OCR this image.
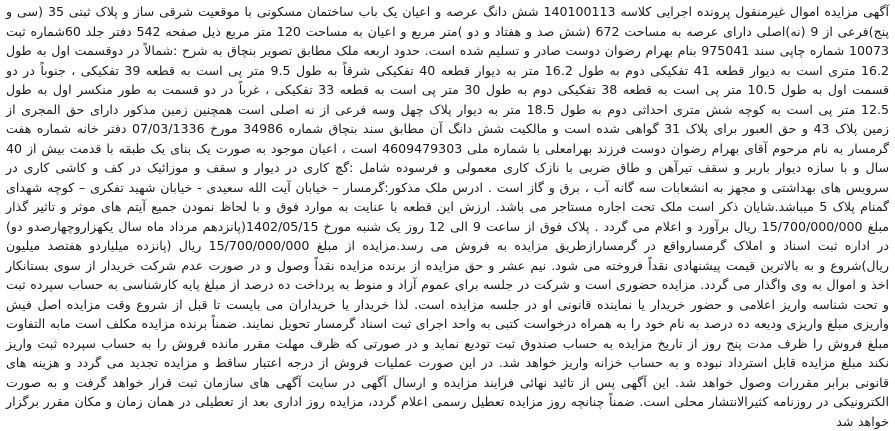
آگهی مزایده اموال غیرمنقول پرونده اجرایی کلاسه 140100113 شش دانگ عرصه و اعیان یک باب ساختمان مسکونی با موقعیت شرقی ساز و پلاک ثبتی 35 (سی و پنج)فرعی از 9 (نه)اصلی دارای عرصه به مساحت 672 (شش صد و هفتاد و دو )متر مربع و اعیان به مساحت 120 متر مربع ذیل صفحه 542 دفتر جلد 60شماره ثبت 10073 شماره چاپی سند 975041 بنام بهرام رضوان دوست صادر و تسلیم شده است. حدود اربعه ملک مطابق تصویر بنچاق به شرح :شمالاً در دوقسمت اول به طول 16.2 متری است به دیوار قطعه 41 تفکیکی دوم به طول 16.2 متر به دیوار قطعه 40 تفکیکی شرقاً به طول 9.5 متر پی است به قطعه 39 تفکیکی ، جنوباً در دو قسمت اول به طول 10.5 متر پی است به قطعه 38 تفکیکی دوم به طول 30 متر پی است به قطعه 33 تفکیکی ، غرباً در دو قسمت به طور منکسر اول به طول 12.5 متر پی است به کوچه شش متری احداثی دوم به طول 18.5 متر به دیوار پلاک چهل وسه فرعی از نه اصلی است همچنین زمین مذکور دارای حق المجری از زمین پلاک 43 و حق العبور برای پلاک 31 گواهی شده است و مالکیت شش دانگ آن مطابق سند بنچاق شماره 34986 مورخ 07/03/1336 دفتر خانه شماره هفت گرمسار به نام مرحوم آقای بهرام رضوان دوست فرزند بهرامعلی با شماره ملی 4609479303 است ، اعیان موجود به صورت یک بنای یک طبقه با قدمت بیش از 40 سال و با سازه دیوار باربر و سقف تیرآهن و طاق ضربی با نازک کاری معمولی و فرسوده شامل :گچ کاری در دیوار و سقف و موزائیک در کف و کاشی کاری در سرویس های بهداشتی و مجهز به انشعابات سه گانه آب ، برق و گاز است . ادرس ملک مذکور:گرمسار – خیابان آیت الله سعیدی - خیابان شهید تفکری – کوچه شهدای گمنام پلاک 5 میباشد.شایان ذکر است ملک تحت اجاره مستاجر می باشد. ارزش این قطعه با عنایت به موارد فوق و با لحاظ نمودن جمیع آیتم های موثر و تاثیر گذار مبلغ 15/700/000/000 ریال برآورد و اعلام می گردد . پلاک فوق از ساعت 9 الی 12 روز یک شنبه مورخ 1402/05/15(پانزدهم مرداد ماه سال یکهزاروچهارصدو دو) در اداره ثبت اسناد و املاک گرمسارواقع در گرمسارازطریق مزایده به فروش می رسد.مزایده از مبلغ 15/700/000/000 ریال (پانزده میلیاردو هفتصد میلیون ریال)شروع و به بالاترین قیمت پیشنهادی نقداً فروخته می شود. نیم عشر و حق مزایده از برنده مزایده نقداً وصول و در صورت عدم شرکت خریدار از سوی بستانکار اخذ و اموال به وی واگذار می گردد. مزایده حضوری است و شرکت در جلسه برای عموم آزاد و منوط به پرداخت ده درصد از مبلغ پایه کارشناسی به حساب سپرده ثبت و تحت شناسه واریز اعلامی و حضور خریدار یا نماینده قانونی او در جلسه مزایده است. لذا خریدار یا خریداران می بایست تا قبل از شروع وقت مزایده اصل فیش واریزی مبلغ واریزی ودیعه ده درصد به نام خود را به همراه درخواست کتبی به واحد اجرای ثبت اسناد گرمسار تحویل نمایند. ضمناً برنده مزایده مکلف است مابه التفاوت مبلغ فروش را ظرف مدت پنج روز از تاریخ مزایده به حساب صندوق ثبت تودیع نماید و در صورتی که ظرف مهلت مقرر مانده فروش را به حساب سپرده ثبت واریز نکند مبلغ مزایده قابل استرداد نبوده و به حساب خزانه واریز خواهد شد. در این صورت عملیات فروش از درجه اعتبار ساقط و مزایده تجدید می گردد و هزینه های قانونی برابر مقررات وصول خواهد شد. این آگهی پس از تائید نهائی فرایند مزایده و ارسال آگهی در سایت آگهی های سازمان ثبت قرار خواهد گرفت و به صورت الکترونیکی در روزنامه کثیرالانتشار محلی است. ضمناً چنانچه روز مزایده تعطیل رسمی اعلام گردد، مزایده روز اداری بعد از تعطیلی در همان زمان و مکان مقرر برگزار خواهد شد
